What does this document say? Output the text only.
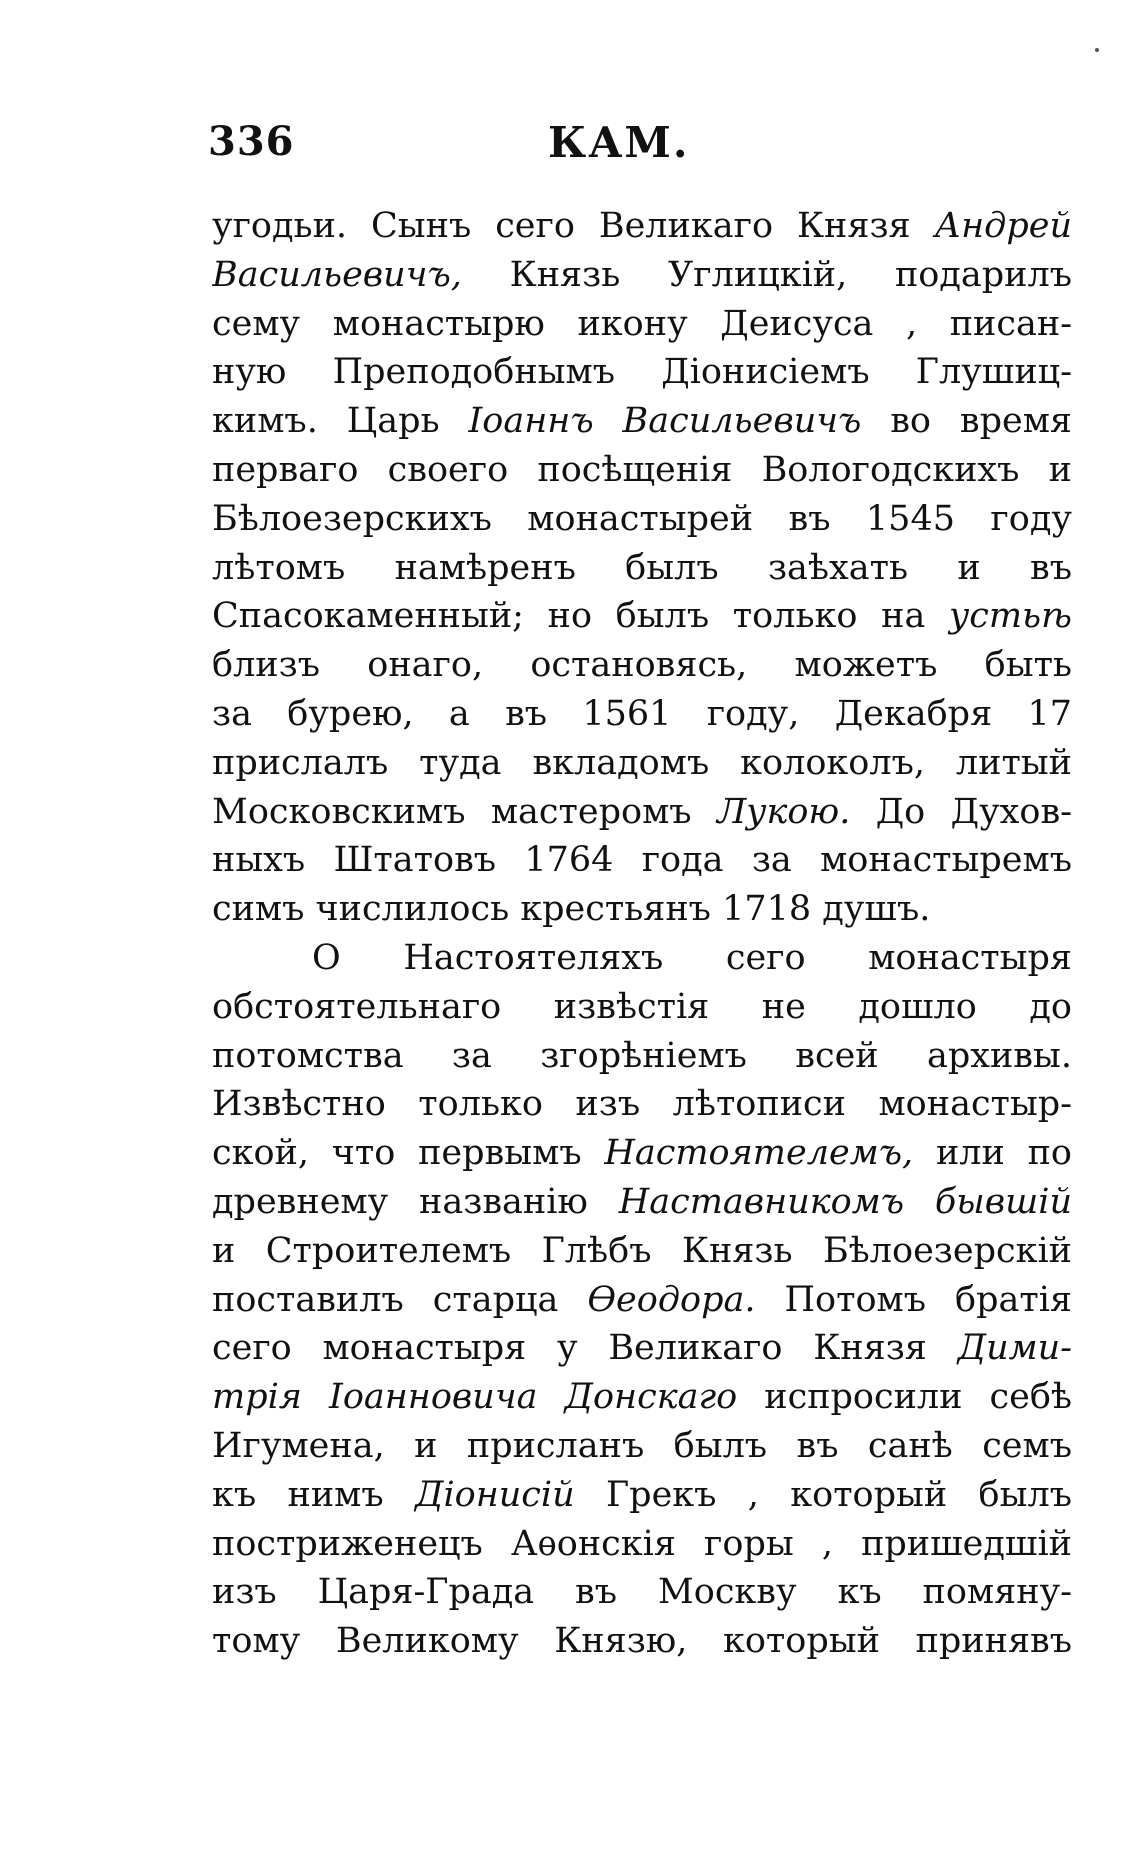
336	КАМ.
угодьи. Сынъ сего Великаго Князя Андрей
Васильевичъ, Князь Углицкій, подарилъ
сему монастырю икону Деисуса , писан-
ную Преподобнымъ Діонисіемъ Глушиц-
кимъ. Царь Іоаннъ Васильевичъ во время
перваго своего посѣщенія Вологодскихъ и
Бѣлоезерскихъ монастырей въ 1545 году
лѣтомъ намѣренъ былъ заѣхать и въ
Спасокаменный; но былъ только на устьѣ
близъ онаго, остановясь, можетъ быть
за бурею, а въ 1561 году, Декабря 17
прислалъ туда вкладомъ колоколъ, литый
Московскимъ мастеромъ Лукою. До Духов-
ныхъ Штатовъ 1764 года за монастыремъ
симъ числилось крестьянъ 1718 душъ.
О Настоятеляхъ сего монастыря
обстоятельнаго извѣстія не дошло до
потомства за згорѣніемъ всей архивы.
Извѣстно только изъ лѣтописи монастыр-
ской, что первымъ Настоятелемъ, или по
древнему названію Наставникомъ бывшій
и Строителемъ Глѣбъ Князь Бѣлоезерскій
поставилъ старца Ѳеодора. Потомъ братія
сего монастыря у Великаго Князя Дими-
трія Іоанновича Донскаго испросили себѣ
Игумена, и присланъ былъ въ санѣ семъ
къ нимъ Діонисій Грекъ , который былъ
постриженецъ Аѳонскія горы , пришедшій
изъ Царя-Града въ Москву къ помяну-
тому Великому Князю, который принявъ
